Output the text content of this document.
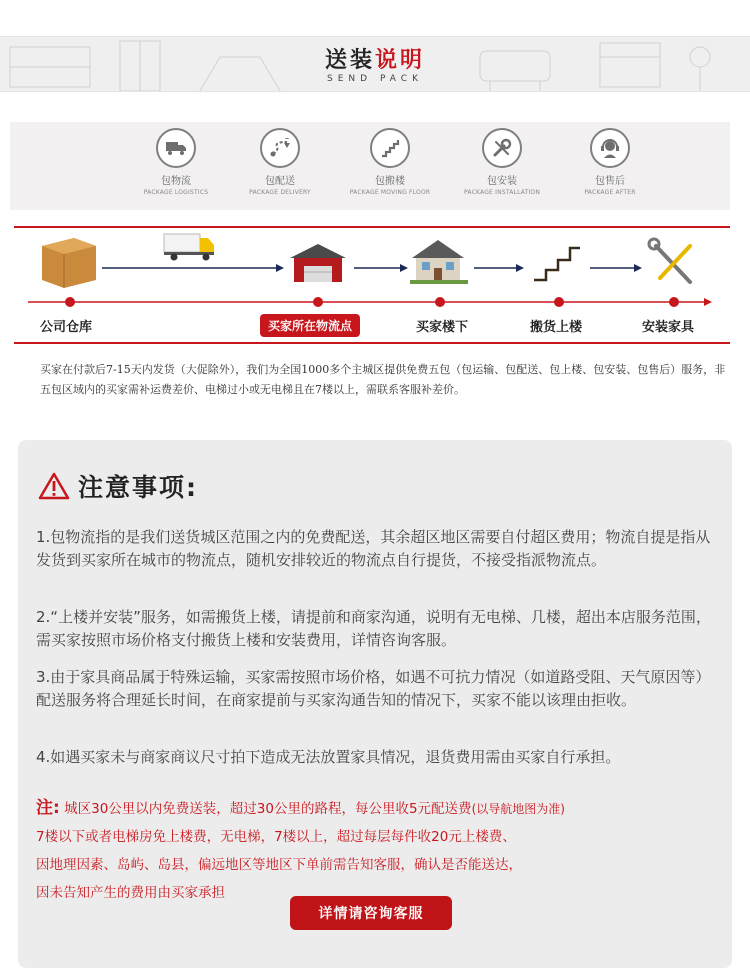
送装说明
SEND PACK
包物流
PACKAGE LOGISTICS
包配送
PACKAGE DELIVERY
包搬楼
PACKAGE MOVING FLOOR
包安装
PACKAGE INSTALLATION
包售后
PACKAGE AFTER
公司仓库	买家所在物流点	买家楼下	搬货上楼	安装家具
买家在付款后7-15天内发货（大促除外），我们为全国1000多个主城区提供免费五包（包运输、包配送、包上楼、包安装、包售后）服务，非五包区域内的买家需补运费差价、电梯过小或无电梯且在7楼以上，需联系客服补差价。
注意事项:
1.包物流指的是我们送货城区范围之内的免费配送，其余超区地区需要自付超区费用；物流自提是指从发货到买家所在城市的物流点，随机安排较近的物流点自行提货，不接受指派物流点。
2.“上楼并安装”服务，如需搬货上楼，请提前和商家沟通，说明有无电梯、几楼，超出本店服务范围，需买家按照市场价格支付搬货上楼和安装费用，详情咨询客服。
3.由于家具商品属于特殊运输，买家需按照市场价格，如遇不可抗力情况（如道路受阻、天气原因等）配送服务将合理延长时间，在商家提前与买家沟通告知的情况下，买家不能以该理由拒收。
4.如遇买家未与商家商议尺寸拍下造成无法放置家具情况，退货费用需由买家自行承担。
注: 城区30公里以内免费送装，超过30公里的路程，每公里收5元配送费(以导航地图为准)
7楼以下或者电梯房免上楼费，无电梯，7楼以上，超过每层每件收20元上楼费、
因地理因素、岛屿、岛县，偏远地区等地区下单前需告知客服，确认是否能送达，
因未告知产生的费用由买家承担
详情请咨询客服
